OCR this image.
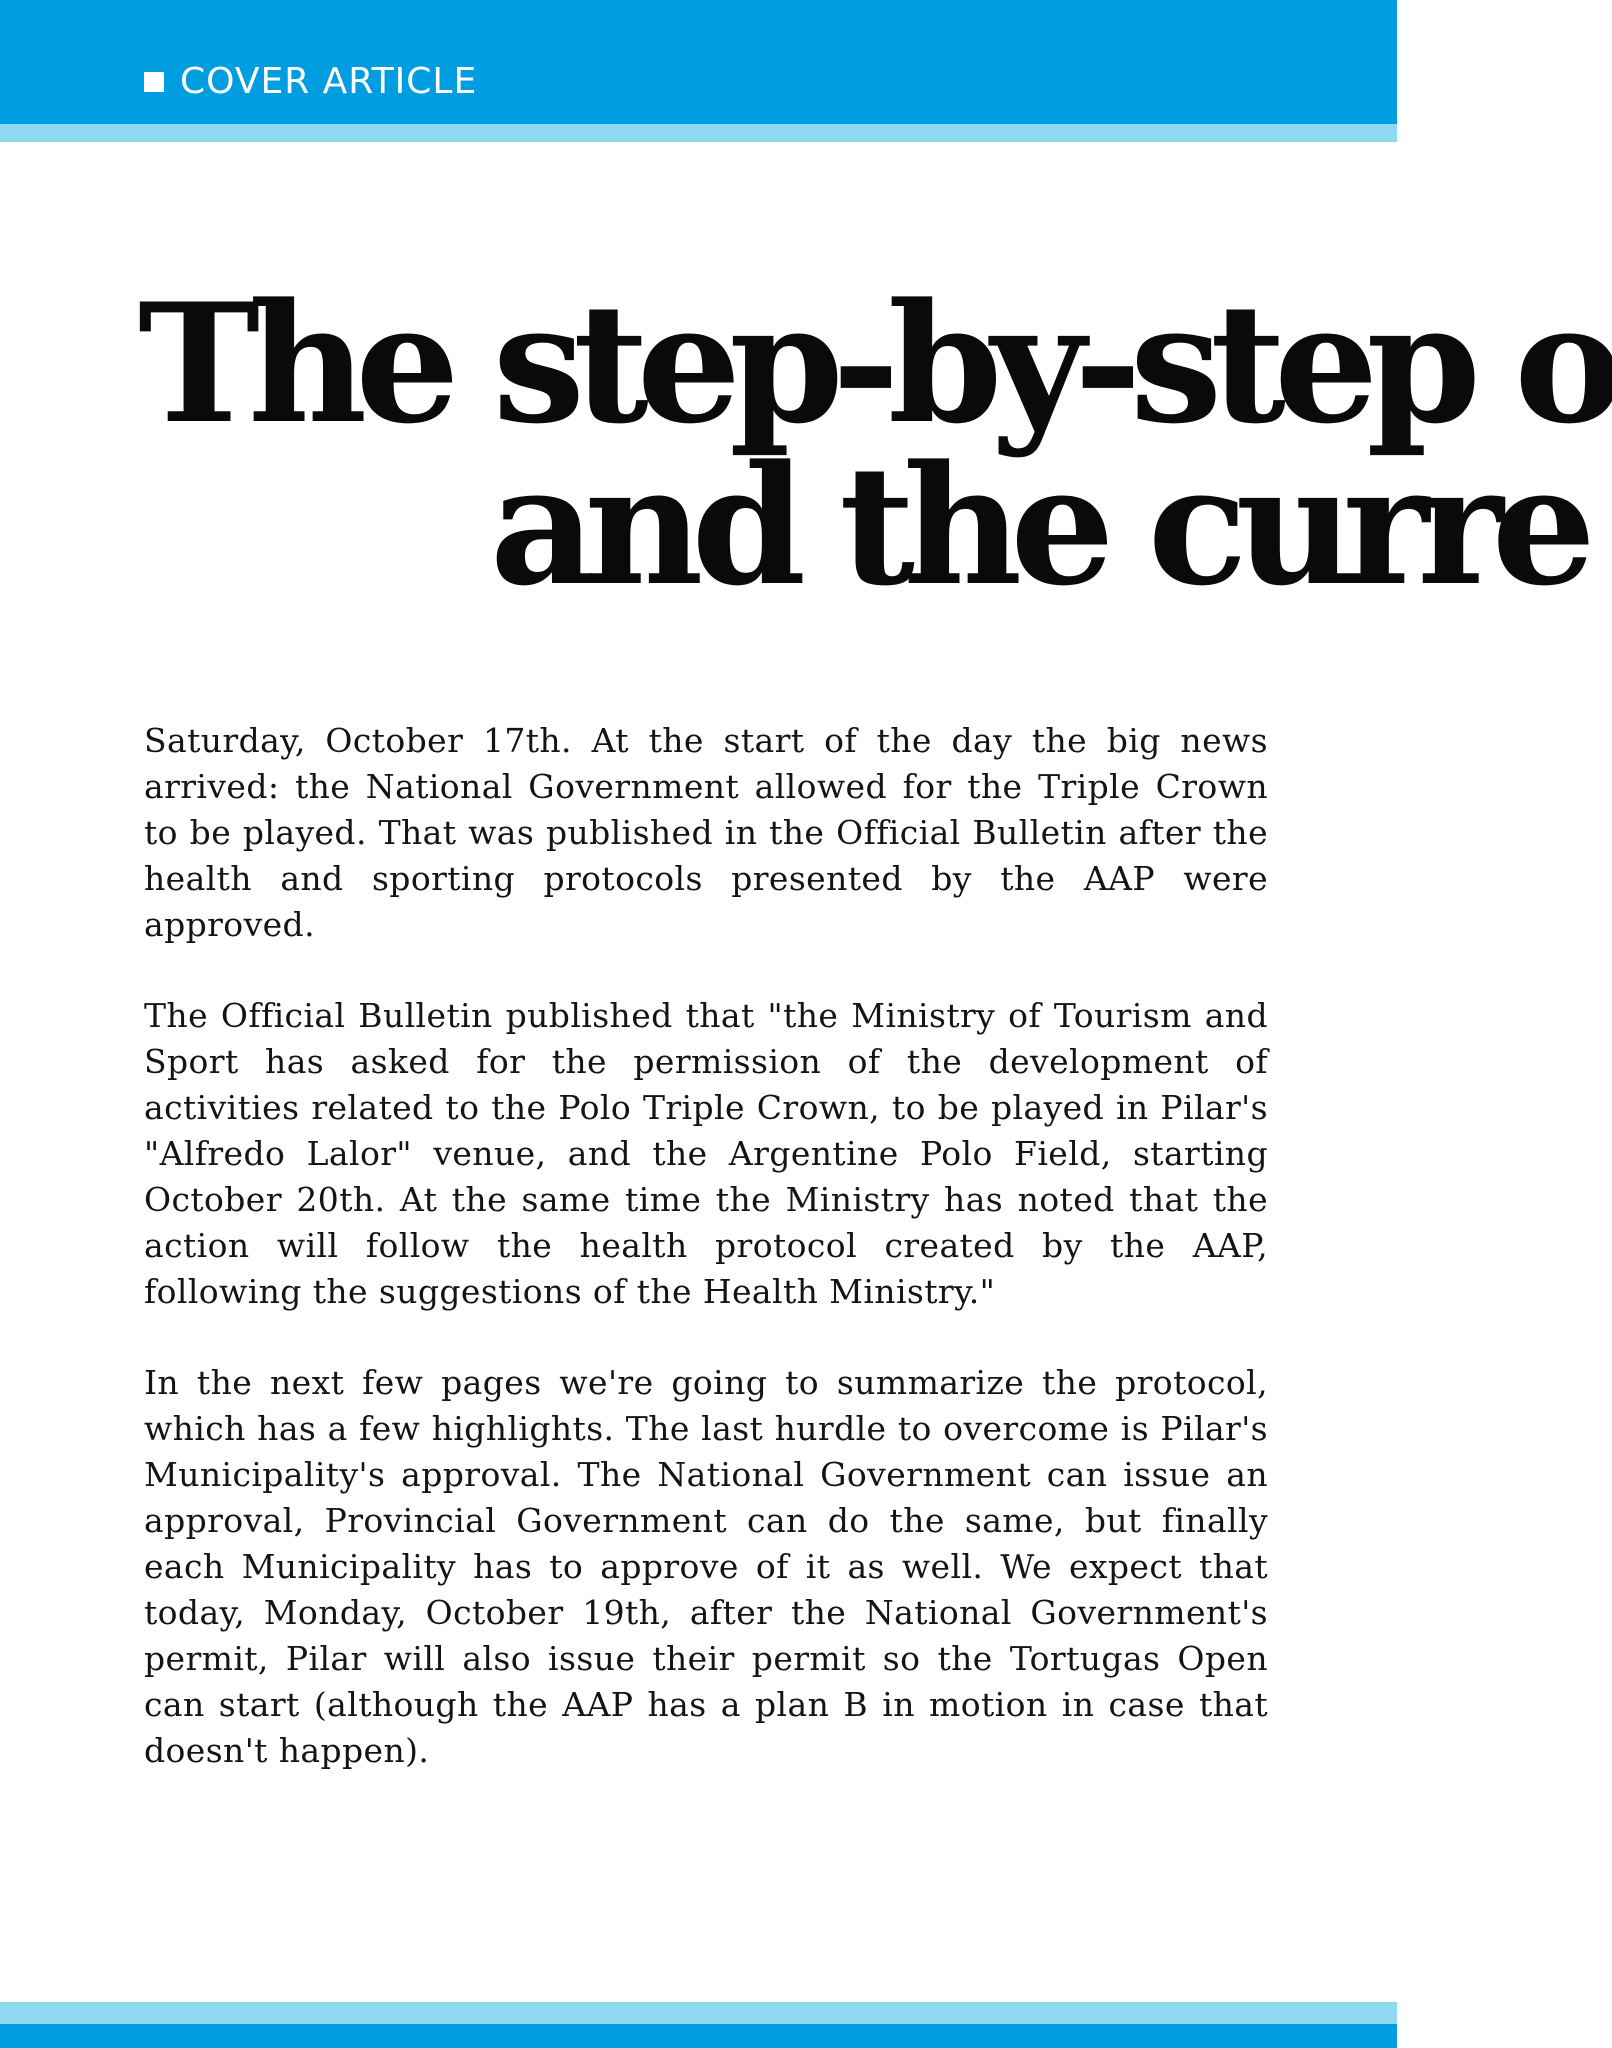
COVER ARTICLE
The step-by-step o
and the curre

Saturday, October 17th. At the start of the day the big news arrived: the National Government allowed for the Triple Crown to be played. That was published in the Official Bulletin after the health and sporting protocols presented by the AAP were approved.

The Official Bulletin published that "the Ministry of Tourism and Sport has asked for the permission of the development of activities related to the Polo Triple Crown, to be played in Pilar's "Alfredo Lalor" venue, and the Argentine Polo Field, starting October 20th. At the same time the Ministry has noted that the action will follow the health protocol created by the AAP, following the suggestions of the Health Ministry."

In the next few pages we're going to summarize the protocol, which has a few highlights. The last hurdle to overcome is Pilar's Municipality's approval. The National Government can issue an approval, Provincial Government can do the same, but finally each Municipality has to approve of it as well. We expect that today, Monday, October 19th, after the National Government's permit, Pilar will also issue their permit so the Tortugas Open can start (although the AAP has a plan B in motion in case that doesn't happen).
